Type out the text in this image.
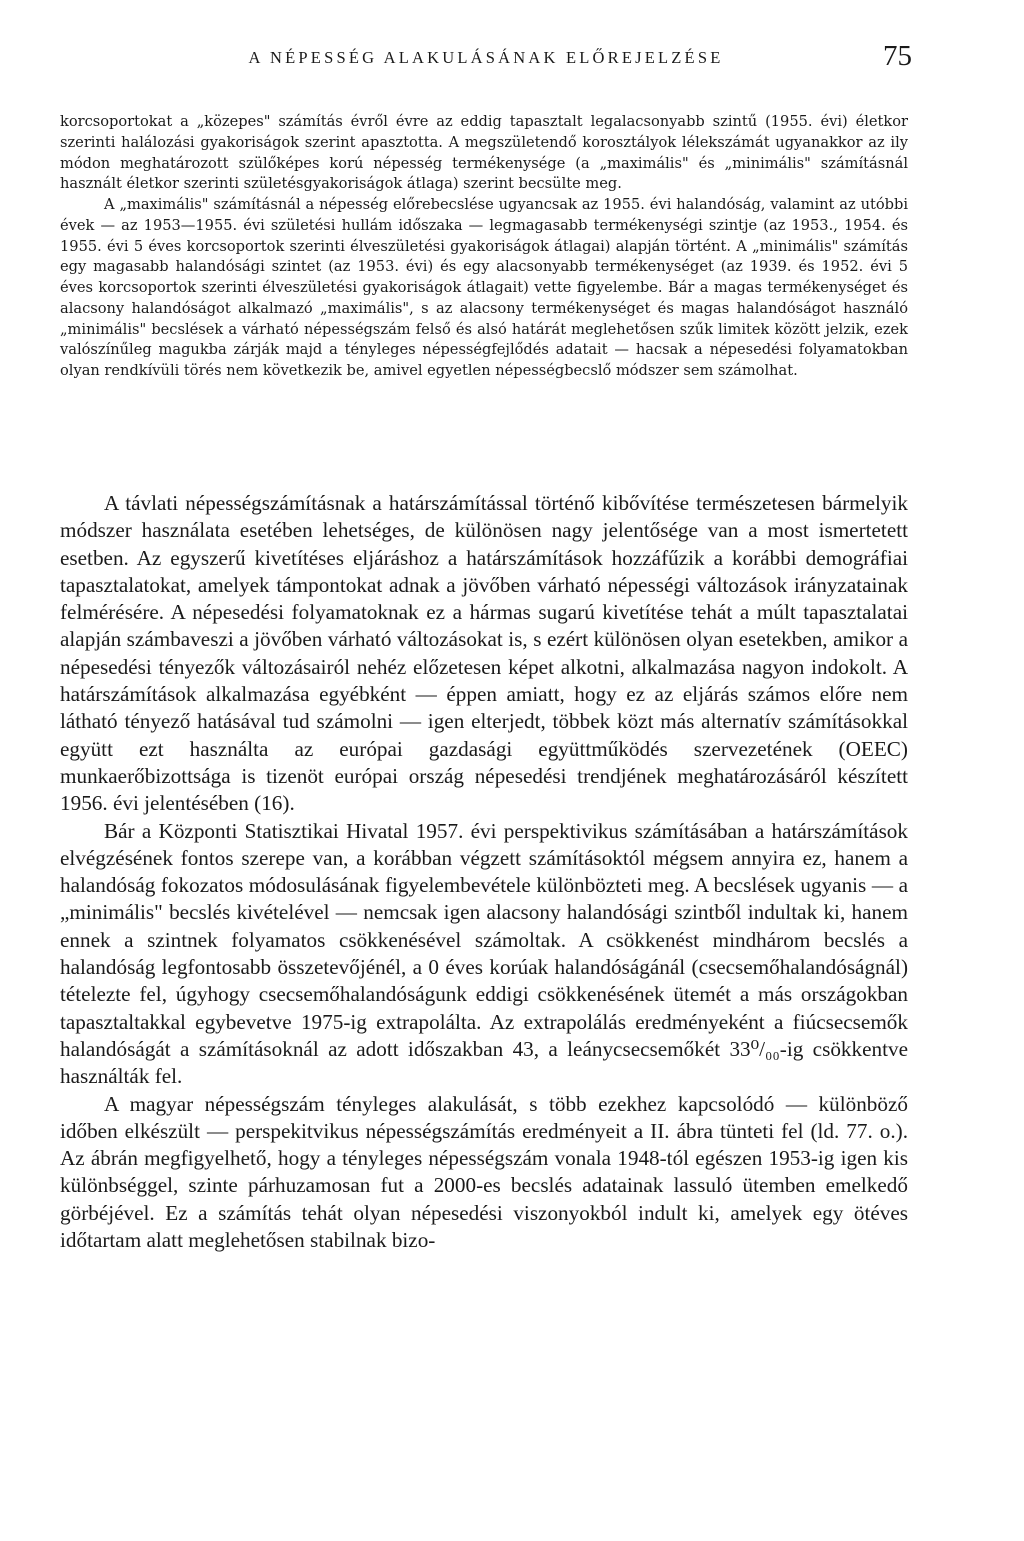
A NÉPESSÉG ALAKULÁSÁNAK ELŐREJELZÉSE	75

korcsoportokat a „közepes" számítás évről évre az eddig tapasztalt legalacsonyabb szintű (1955. évi) életkor szerinti halálozási gyakoriságok szerint apasztotta. A megszületendő korosztályok lélekszámát ugyanakkor az ily módon meghatározott szülőképes korú népesség termékenysége (a „maximális" és „minimális" számításnál használt életkor szerinti születésgyakoriságok átlaga) szerint becsülte meg.

A „maximális" számításnál a népesség előrebecslése ugyancsak az 1955. évi halandóság, valamint az utóbbi évek — az 1953—1955. évi születési hullám időszaka — legmagasabb termékenységi szintje (az 1953., 1954. és 1955. évi 5 éves korcsoportok szerinti élveszületési gyakoriságok átlagai) alapján történt. A „minimális" számítás egy magasabb halandósági szintet (az 1953. évi) és egy alacsonyabb termékenységet (az 1939. és 1952. évi 5 éves korcsoportok szerinti élveszületési gyakoriságok átlagait) vette figyelembe. Bár a magas termékenységet és alacsony halandóságot alkalmazó „maximális", s az alacsony termékenységet és magas halandóságot használó „minimális" becslések a várható népességszám felső és alsó határát meglehetősen szűk limitek között jelzik, ezek valószínűleg magukba zárják majd a tényleges népességfejlődés adatait — hacsak a népesedési folyamatokban olyan rendkívüli törés nem következik be, amivel egyetlen népességbecslő módszer sem számolhat.

A távlati népességszámításnak a határszámítással történő kibővítése természetesen bármelyik módszer használata esetében lehetséges, de különösen nagy jelentősége van a most ismertetett esetben. Az egyszerű kivetítéses eljáráshoz a határszámítások hozzáfűzik a korábbi demográfiai tapasztalatokat, amelyek támpontokat adnak a jövőben várható népességi változások irányzatainak felmérésére. A népesedési folyamatoknak ez a hármas sugarú kivetítése tehát a múlt tapasztalatai alapján számbaveszi a jövőben várható változásokat is, s ezért különösen olyan esetekben, amikor a népesedési tényezők változásairól nehéz előzetesen képet alkotni, alkalmazása nagyon indokolt. A határszámítások alkalmazása egyébként — éppen amiatt, hogy ez az eljárás számos előre nem látható tényező hatásával tud számolni — igen elterjedt, többek közt más alternatív számításokkal együtt ezt használta az európai gazdasági együttműködés szervezetének (OEEC) munkaerőbizottsága is tizenöt európai ország népesedési trendjének meghatározásáról készített 1956. évi jelentésében (16).

Bár a Központi Statisztikai Hivatal 1957. évi perspektivikus számításában a határszámítások elvégzésének fontos szerepe van, a korábban végzett számításoktól mégsem annyira ez, hanem a halandóság fokozatos módosulásának figyelembevétele különbözteti meg. A becslések ugyanis — a „minimális" becslés kivételével — nemcsak igen alacsony halandósági szintből indultak ki, hanem ennek a szintnek folyamatos csökkenésével számoltak. A csökkenést mindhárom becslés a halandóság legfontosabb összetevőjénél, a 0 éves korúak halandóságánál (csecsemőhalandóságnál) tételezte fel, úgyhogy csecsemőhalandóságunk eddigi csökkenésének ütemét a más országokban tapasztaltakkal egybevetve 1975-ig extrapolálta. Az extrapolálás eredményeként a fiúcsecsemők halandóságát a számításoknál az adott időszakban 43, a leánycsecsemőkét 33⁰/₀₀-ig csökkentve használták fel.

A magyar népességszám tényleges alakulását, s több ezekhez kapcsolódó — különböző időben elkészült — perspekitvikus népességszámítás eredményeit a II. ábra tünteti fel (ld. 77. o.). Az ábrán megfigyelhető, hogy a tényleges népességszám vonala 1948-tól egészen 1953-ig igen kis különbséggel, szinte párhuzamosan fut a 2000-es becslés adatainak lassuló ütemben emelkedő görbéjével. Ez a számítás tehát olyan népesedési viszonyokból indult ki, amelyek egy ötéves időtartam alatt meglehetősen stabilnak bizo-
